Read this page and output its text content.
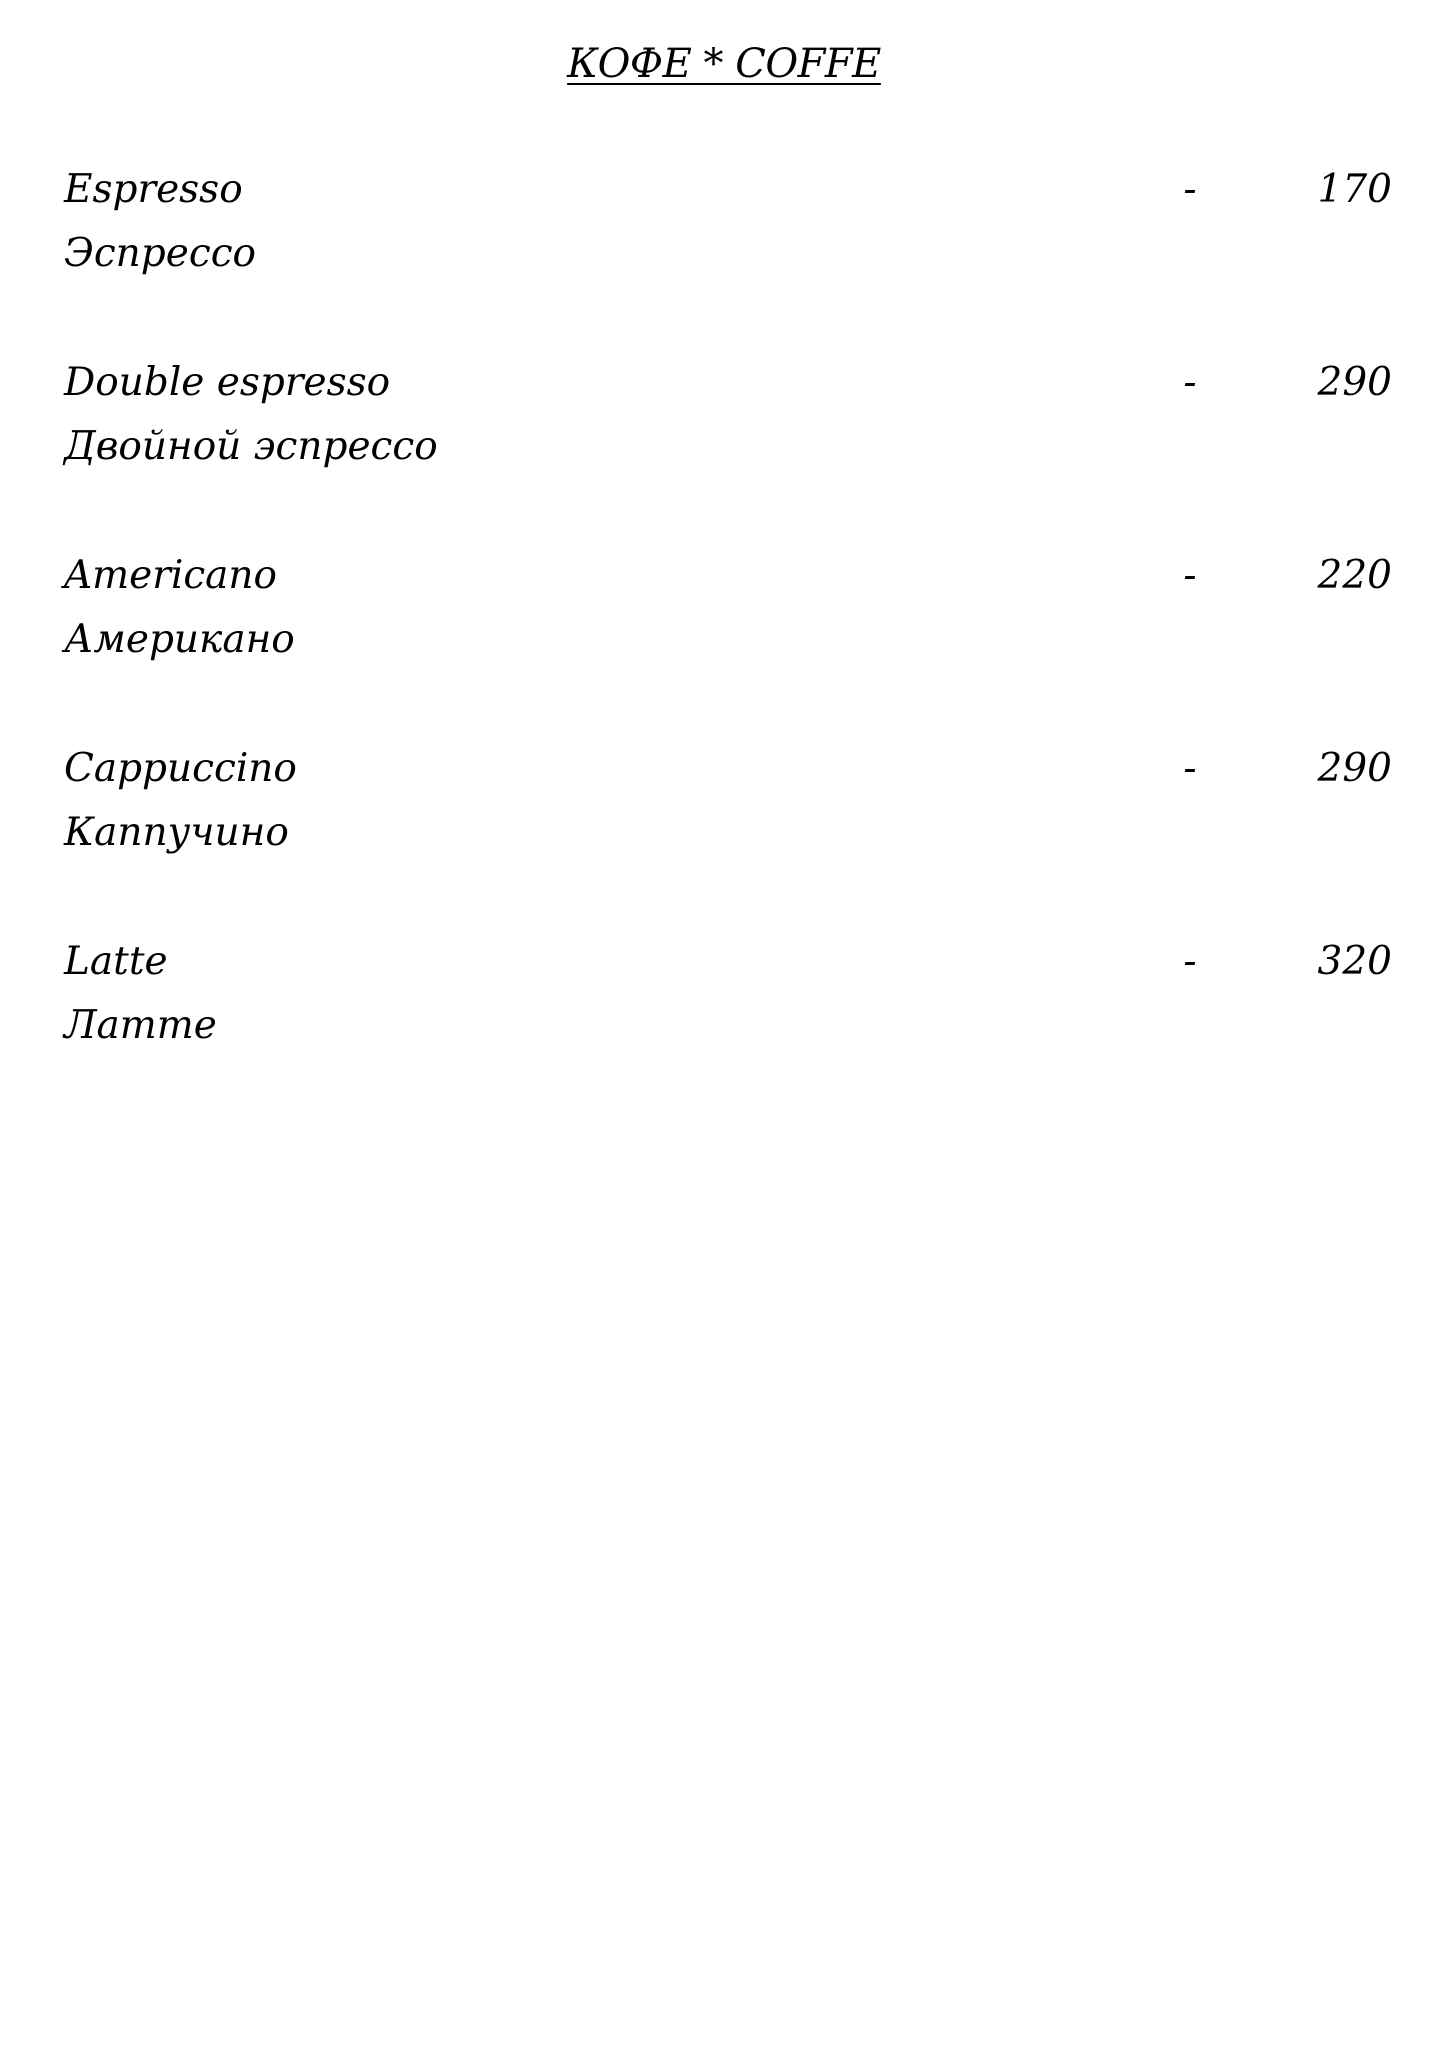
КОФЕ * COFFE
Espresso
Эспрессо
-	170
Double espresso
Двойной эспрессо
-	290
Americano
Американо
-	220
Cappuccino
Каппучино
-	290
Latte
Латте
-	320
